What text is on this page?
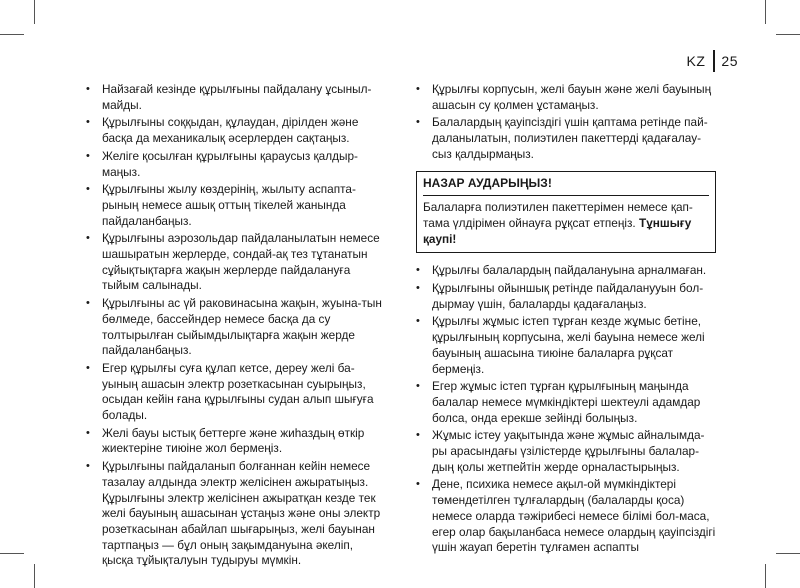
KZ	25
• Найзағай кезінде құрылғыны пайдалану ұсыныл-майды.
• Құрылғыны соққыдан, құлаудан, дірілден және басқа да механикалық әсерлерден сақтаңыз.
• Желіге қосылған құрылғыны қараусыз қалдыр-маңыз.
• Құрылғыны жылу көздерінің, жылыту аспапта-рының немесе ашық оттың тікелей жанында пайдаланбаңыз.
• Құрылғыны аэрозольдар пайдаланылатын немесе шашыратын жерлерде, сондай-ақ тез тұтанатын сұйықтықтарға жақын жерлерде пайдалануға тыйым салынады.
• Құрылғыны ас үй раковинасына жақын, жуына-тын бөлмеде, бассейндер немесе басқа да су толтырылған сыйымдылықтарға жақын жерде пайдаланбаңыз.
• Егер құрылғы суға құлап кетсе, дереу желі ба-уының ашасын электр розеткасынан суырыңыз, осыдан кейін ғана құрылғыны судан алып шығуға болады.
• Желі бауы ыстық беттерге және жиһаздың өткір жиектеріне тиюіне жол бермеңіз.
• Құрылғыны пайдаланып болғаннан кейін немесе тазалау алдында электр желісінен ажыратыңыз. Құрылғыны электр желісінен ажыратқан кезде тек желі бауының ашасынан ұстаңыз және оны электр розеткасынан абайлап шығарыңыз, желі бауынан тартпаңыз — бұл оның зақымдануына әкеліп, қысқа тұйықталуын тудыруы мүмкін.
• Құрылғы корпусын, желі бауын және желі бауының ашасын су қолмен ұстамаңыз.
• Балалардың қауіпсіздігі үшін қаптама ретінде пай-даланылатын, полиэтилен пакеттерді қадағалау-сыз қалдырмаңыз.
НАЗАР АУДАРЫҢЫЗ!
Балаларға полиэтилен пакеттерімен немесе қап-тама үлдірімен ойнауға рұқсат етпеңіз. Тұншығу қаупі!
• Құрылғы балалардың пайдалануына арналмаған.
• Құрылғыны ойыншық ретінде пайдаланууын бол-дырмау үшін, балаларды қадағалаңыз.
• Құрылғы жұмыс істеп тұрған кезде жұмыс бетіне, құрылғының корпусына, желі бауына немесе желі бауының ашасына тиюіне балаларға рұқсат бермеңіз.
• Егер жұмыс істеп тұрған құрылғының маңында балалар немесе мүмкіндіктері шектеулі адамдар болса, онда ерекше зейінді болыңыз.
• Жұмыс істеу уақытында және жұмыс айналымда-ры арасындағы үзілістерде құрылғыны балалар-дың қолы жетпейтін жерде орналастырыңыз.
• Дене, психика немесе ақыл-ой мүмкіндіктері төмендетілген тұлғалардың (балаларды қоса) немесе оларда тәжірибесі немесе білімі бол-маса, егер олар бақыланбаса немесе олардың қауіпсіздігі үшін жауап беретін тұлғамен аспапты
